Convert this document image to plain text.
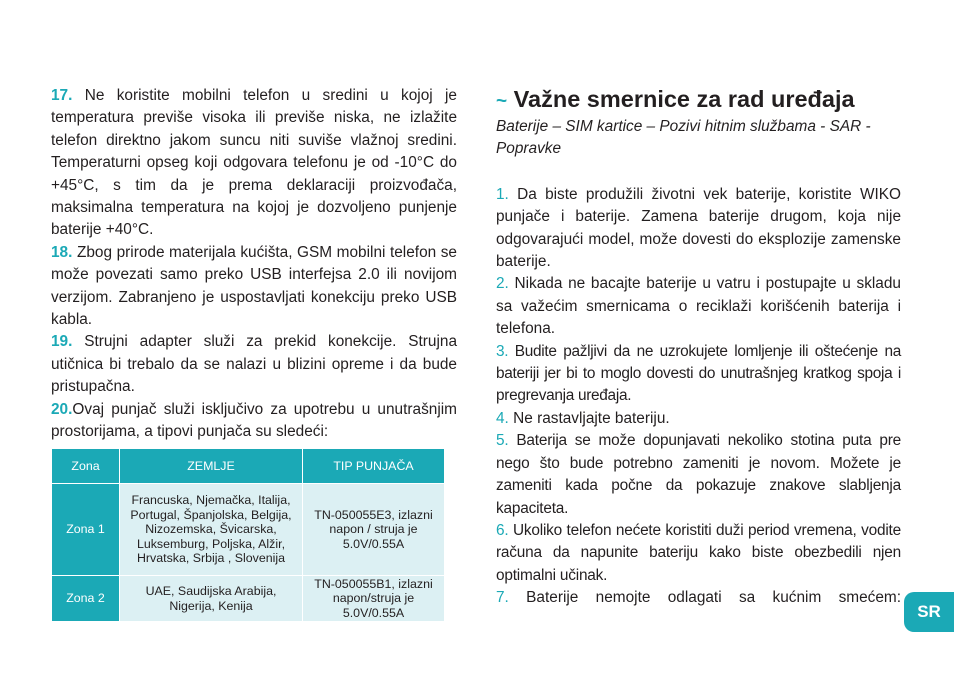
17. Ne koristite mobilni telefon u sredini u kojoj je temperatura previše visoka ili previše niska, ne izlažite telefon direktno jakom suncu niti suviše vlažnoj sredini. Temperaturni opseg koji odgovara telefonu je od -10°C do +45°C, s tim da je prema deklaraciji proizvođača, maksimalna temperatura na kojoj je dozvoljeno punjenje baterije +40°C.

18. Zbog prirode materijala kućišta, GSM mobilni telefon se može povezati samo preko USB interfejsa 2.0 ili novijom verzijom. Zabranjeno je uspostavljati konekciju preko USB kabla.

19. Strujni adapter služi za prekid konekcije. Strujna utičnica bi trebalo da se nalazi u blizini opreme i da bude pristupačna.

20.Ovaj punjač služi isključivo za upotrebu u unutrašnjim prostorijama, a tipovi punjača su sledeći:

Zona	ZEMLJE	TIP PUNJAČA
Zona 1	Francuska, Njemačka, Italija, Portugal, Španjolska, Belgija, Nizozemska, Švicarska, Luksemburg, Poljska, Alžir, Hrvatska, Srbija , Slovenija	TN-050055E3, izlazni napon / struja je 5.0V/0.55A
Zona 2	UAE, Saudijska Arabija, Nigerija, Kenija	TN-050055B1, izlazni napon/struja je 5.0V/0.55A
~ Važne smernice za rad uređaja

Baterije – SIM kartice – Pozivi hitnim službama - SAR - Popravke

1. Da biste produžili životni vek baterije, koristite WIKO punjače i baterije. Zamena baterije drugom, koja nije odgovarajući model, može dovesti do eksplozije zamenske baterije.

2. Nikada ne bacajte baterije u vatru i postupajte u skladu sa važećim smernicama o reciklaži korišćenih baterija i telefona.

3. Budite pažljivi da ne uzrokujete lomljenje ili oštećenje na bateriji jer bi to moglo dovesti do unutrašnjeg kratkog spoja i pregrevanja uređaja.

4. Ne rastavljajte bateriju.

5. Baterija se može dopunjavati nekoliko stotina puta pre nego što bude potrebno zameniti je novom. Možete je zameniti kada počne da pokazuje znakove slabljenja kapaciteta.

6. Ukoliko telefon nećete koristiti duži period vremena, vodite računa da napunite bateriju kako biste obezbedili njen optimalni učinak.

7. Baterije nemojte odlagati sa kućnim smećem:

SR
